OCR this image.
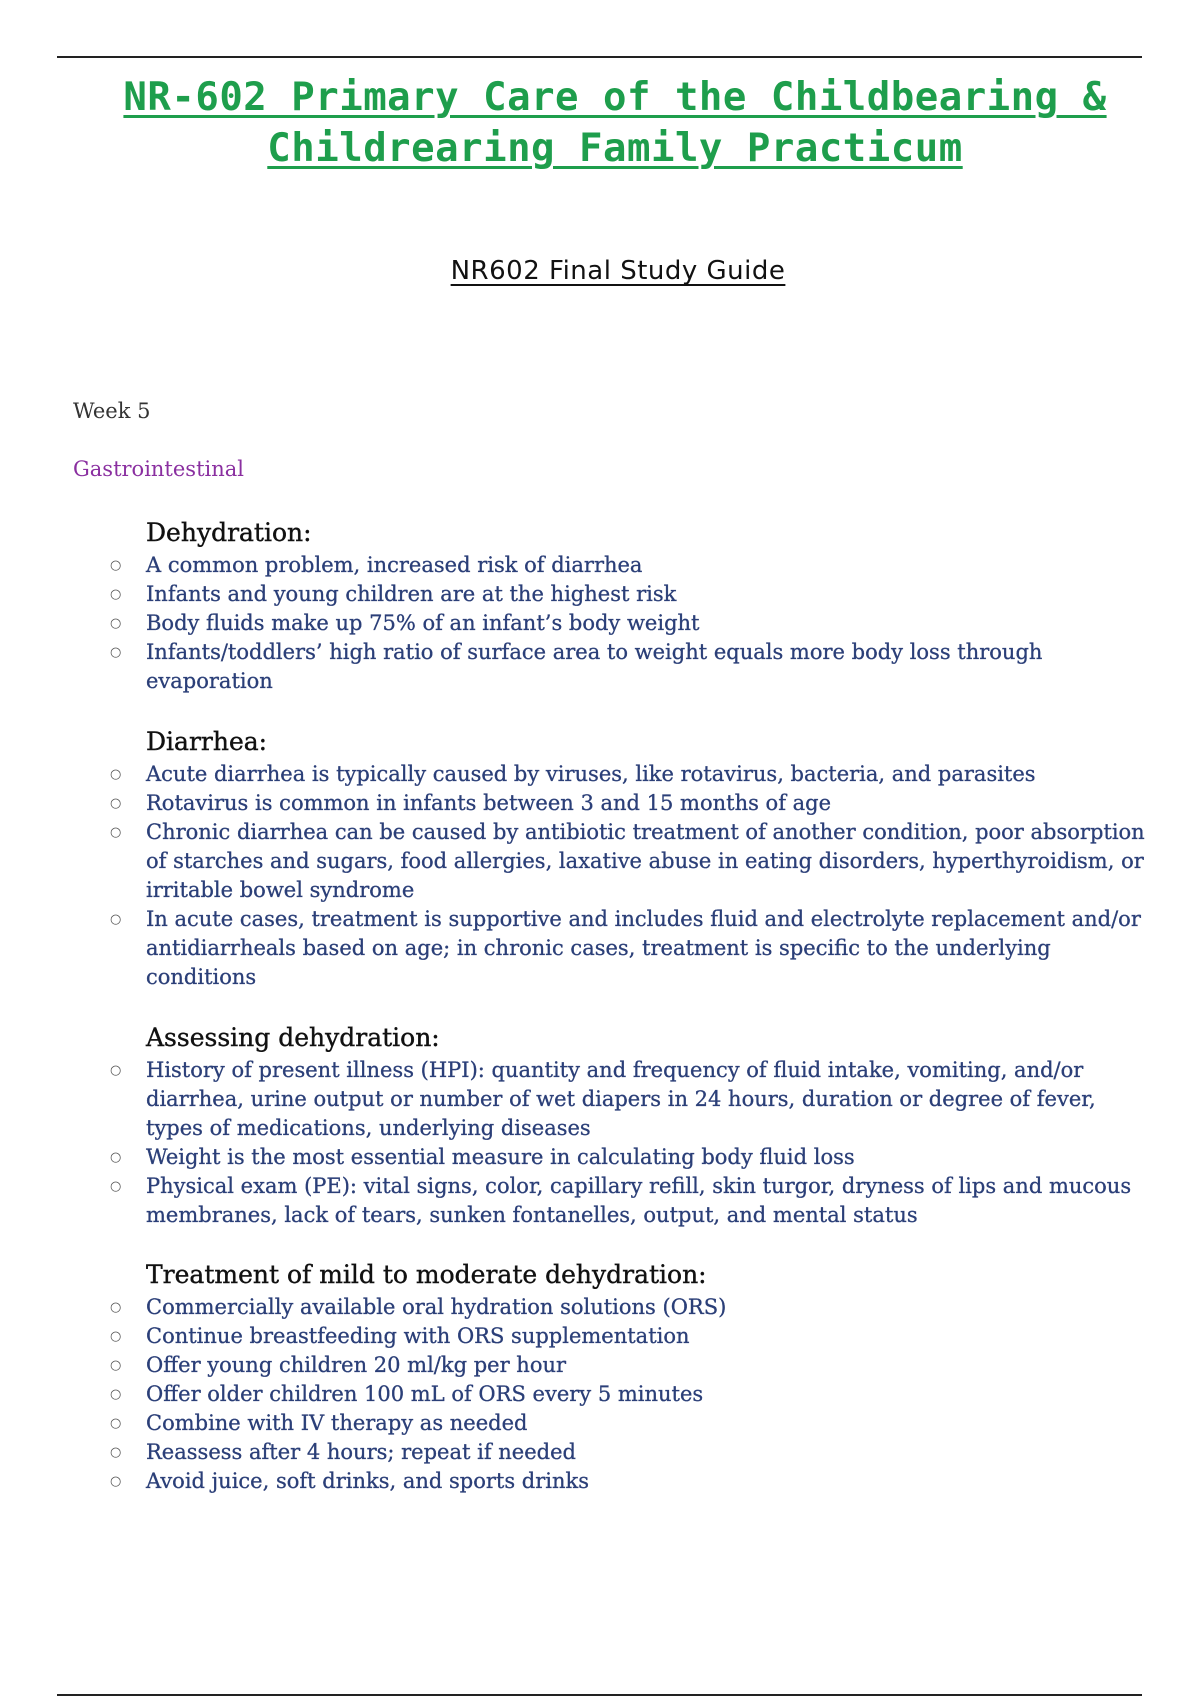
NR-602 Primary Care of the Childbearing &
Childrearing Family Practicum
NR602 Final Study Guide
Week 5
Gastrointestinal
Dehydration:
○ A common problem, increased risk of diarrhea
○ Infants and young children are at the highest risk
○ Body fluids make up 75% of an infant’s body weight
○ Infants/toddlers’ high ratio of surface area to weight equals more body loss through evaporation
Diarrhea:
○ Acute diarrhea is typically caused by viruses, like rotavirus, bacteria, and parasites
○ Rotavirus is common in infants between 3 and 15 months of age
○ Chronic diarrhea can be caused by antibiotic treatment of another condition, poor absorption of starches and sugars, food allergies, laxative abuse in eating disorders, hyperthyroidism, or irritable bowel syndrome
○ In acute cases, treatment is supportive and includes fluid and electrolyte replacement and/or antidiarrheals based on age; in chronic cases, treatment is specific to the underlying conditions
Assessing dehydration:
○ History of present illness (HPI): quantity and frequency of fluid intake, vomiting, and/or diarrhea, urine output or number of wet diapers in 24 hours, duration or degree of fever, types of medications, underlying diseases
○ Weight is the most essential measure in calculating body fluid loss
○ Physical exam (PE): vital signs, color, capillary refill, skin turgor, dryness of lips and mucous membranes, lack of tears, sunken fontanelles, output, and mental status
Treatment of mild to moderate dehydration:
○ Commercially available oral hydration solutions (ORS)
○ Continue breastfeeding with ORS supplementation
○ Offer young children 20 ml/kg per hour
○ Offer older children 100 mL of ORS every 5 minutes
○ Combine with IV therapy as needed
○ Reassess after 4 hours; repeat if needed
○ Avoid juice, soft drinks, and sports drinks
